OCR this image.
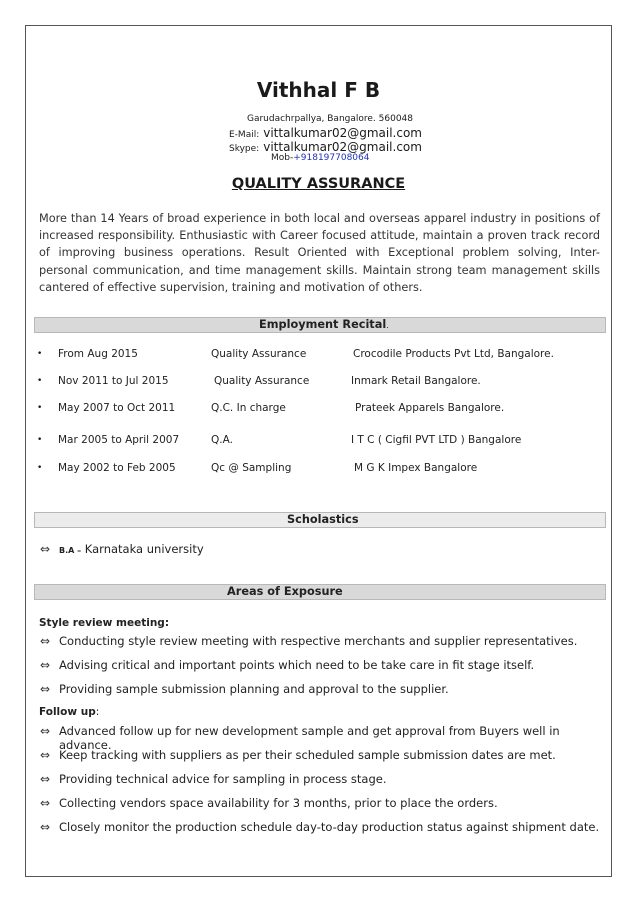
Vithhal F B
Garudachrpallya, Bangalore. 560048
E-Mail: vittalkumar02@gmail.com
Skype: vittalkumar02@gmail.com
Mob-+918197708064
QUALITY ASSURANCE
More than 14 Years of broad experience in both local and overseas apparel industry in positions of increased responsibility. Enthusiastic with Career focused attitude, maintain a proven track record of improving business operations. Result Oriented with Exceptional problem solving, Inter- personal communication, and time management skills. Maintain strong team management skills cantered of effective supervision, training and motivation of others.
Employment Recital.
• From Aug 2015	Quality Assurance	Crocodile Products Pvt Ltd, Bangalore.
• Nov 2011 to Jul 2015	Quality Assurance	Inmark Retail Bangalore.
• May 2007 to Oct 2011	Q.C. In charge	Prateek Apparels Bangalore.
• Mar 2005 to April 2007	Q.A.	I T C ( Cigfil PVT LTD ) Bangalore
• May 2002 to Feb 2005	Qc @ Sampling	M G K Impex Bangalore
Scholastics
⇔ B.A – Karnataka university
Areas of Exposure
Style review meeting:
⇔ Conducting style review meeting with respective merchants and supplier representatives.
⇔ Advising critical and important points which need to be take care in fit stage itself.
⇔ Providing sample submission planning and approval to the supplier.
Follow up:
⇔ Advanced follow up for new development sample and get approval from Buyers well in advance.
⇔ Keep tracking with suppliers as per their scheduled sample submission dates are met.
⇔ Providing technical advice for sampling in process stage.
⇔ Collecting vendors space availability for 3 months, prior to place the orders.
⇔ Closely monitor the production schedule day-to-day production status against shipment date.
